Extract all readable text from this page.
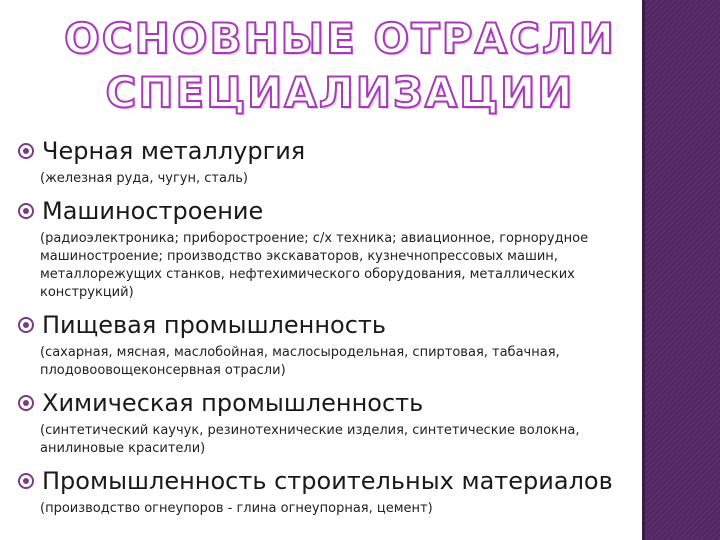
ОСНОВНЫЕ ОТРАСЛИ
СПЕЦИАЛИЗАЦИИ
Черная металлургия
(железная руда, чугун, сталь)
Машиностроение
(радиоэлектроника; приборостроение; с/х техника; авиационное, горнорудное машиностроение; производство экскаваторов, кузнечнопрессовых машин, металлорежущих станков, нефтехимического оборудования, металлических конструкций)
Пищевая промышленность
(сахарная, мясная, маслобойная, маслосыродельная, спиртовая, табачная, плодовоовощеконсервная отрасли)
Химическая промышленность
(синтетический каучук, резинотехнические изделия, синтетические волокна, анилиновые красители)
Промышленность строительных материалов
(производство огнеупоров - глина огнеупорная, цемент)
